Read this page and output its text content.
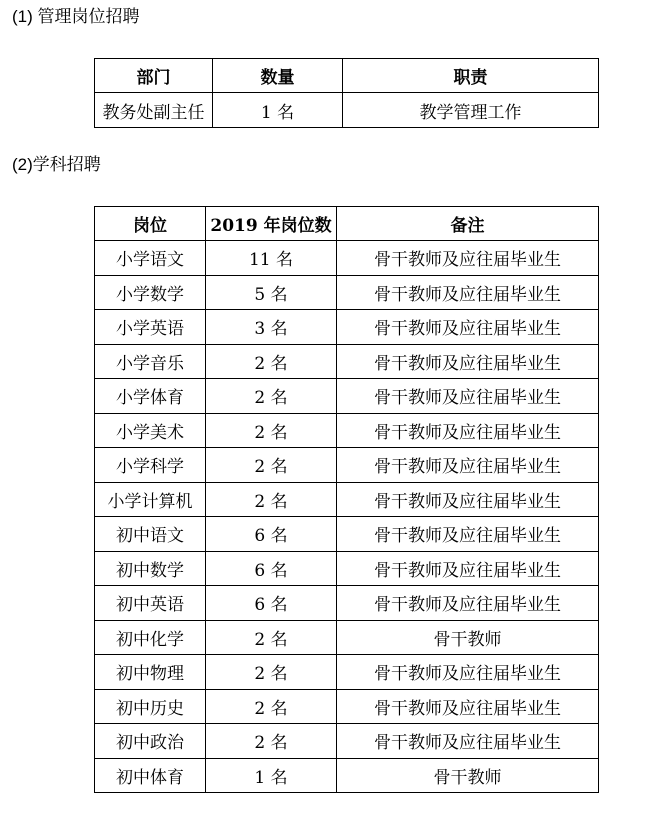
(1) 管理岗位招聘
部门	数量	职责
教务处副主任	1 名	教学管理工作
(2)学科招聘
岗位	2019 年岗位数	备注
小学语文	11 名	骨干教师及应往届毕业生
小学数学	5 名	骨干教师及应往届毕业生
小学英语	3 名	骨干教师及应往届毕业生
小学音乐	2 名	骨干教师及应往届毕业生
小学体育	2 名	骨干教师及应往届毕业生
小学美术	2 名	骨干教师及应往届毕业生
小学科学	2 名	骨干教师及应往届毕业生
小学计算机	2 名	骨干教师及应往届毕业生
初中语文	6 名	骨干教师及应往届毕业生
初中数学	6 名	骨干教师及应往届毕业生
初中英语	6 名	骨干教师及应往届毕业生
初中化学	2 名	骨干教师
初中物理	2 名	骨干教师及应往届毕业生
初中历史	2 名	骨干教师及应往届毕业生
初中政治	2 名	骨干教师及应往届毕业生
初中体育	1 名	骨干教师
